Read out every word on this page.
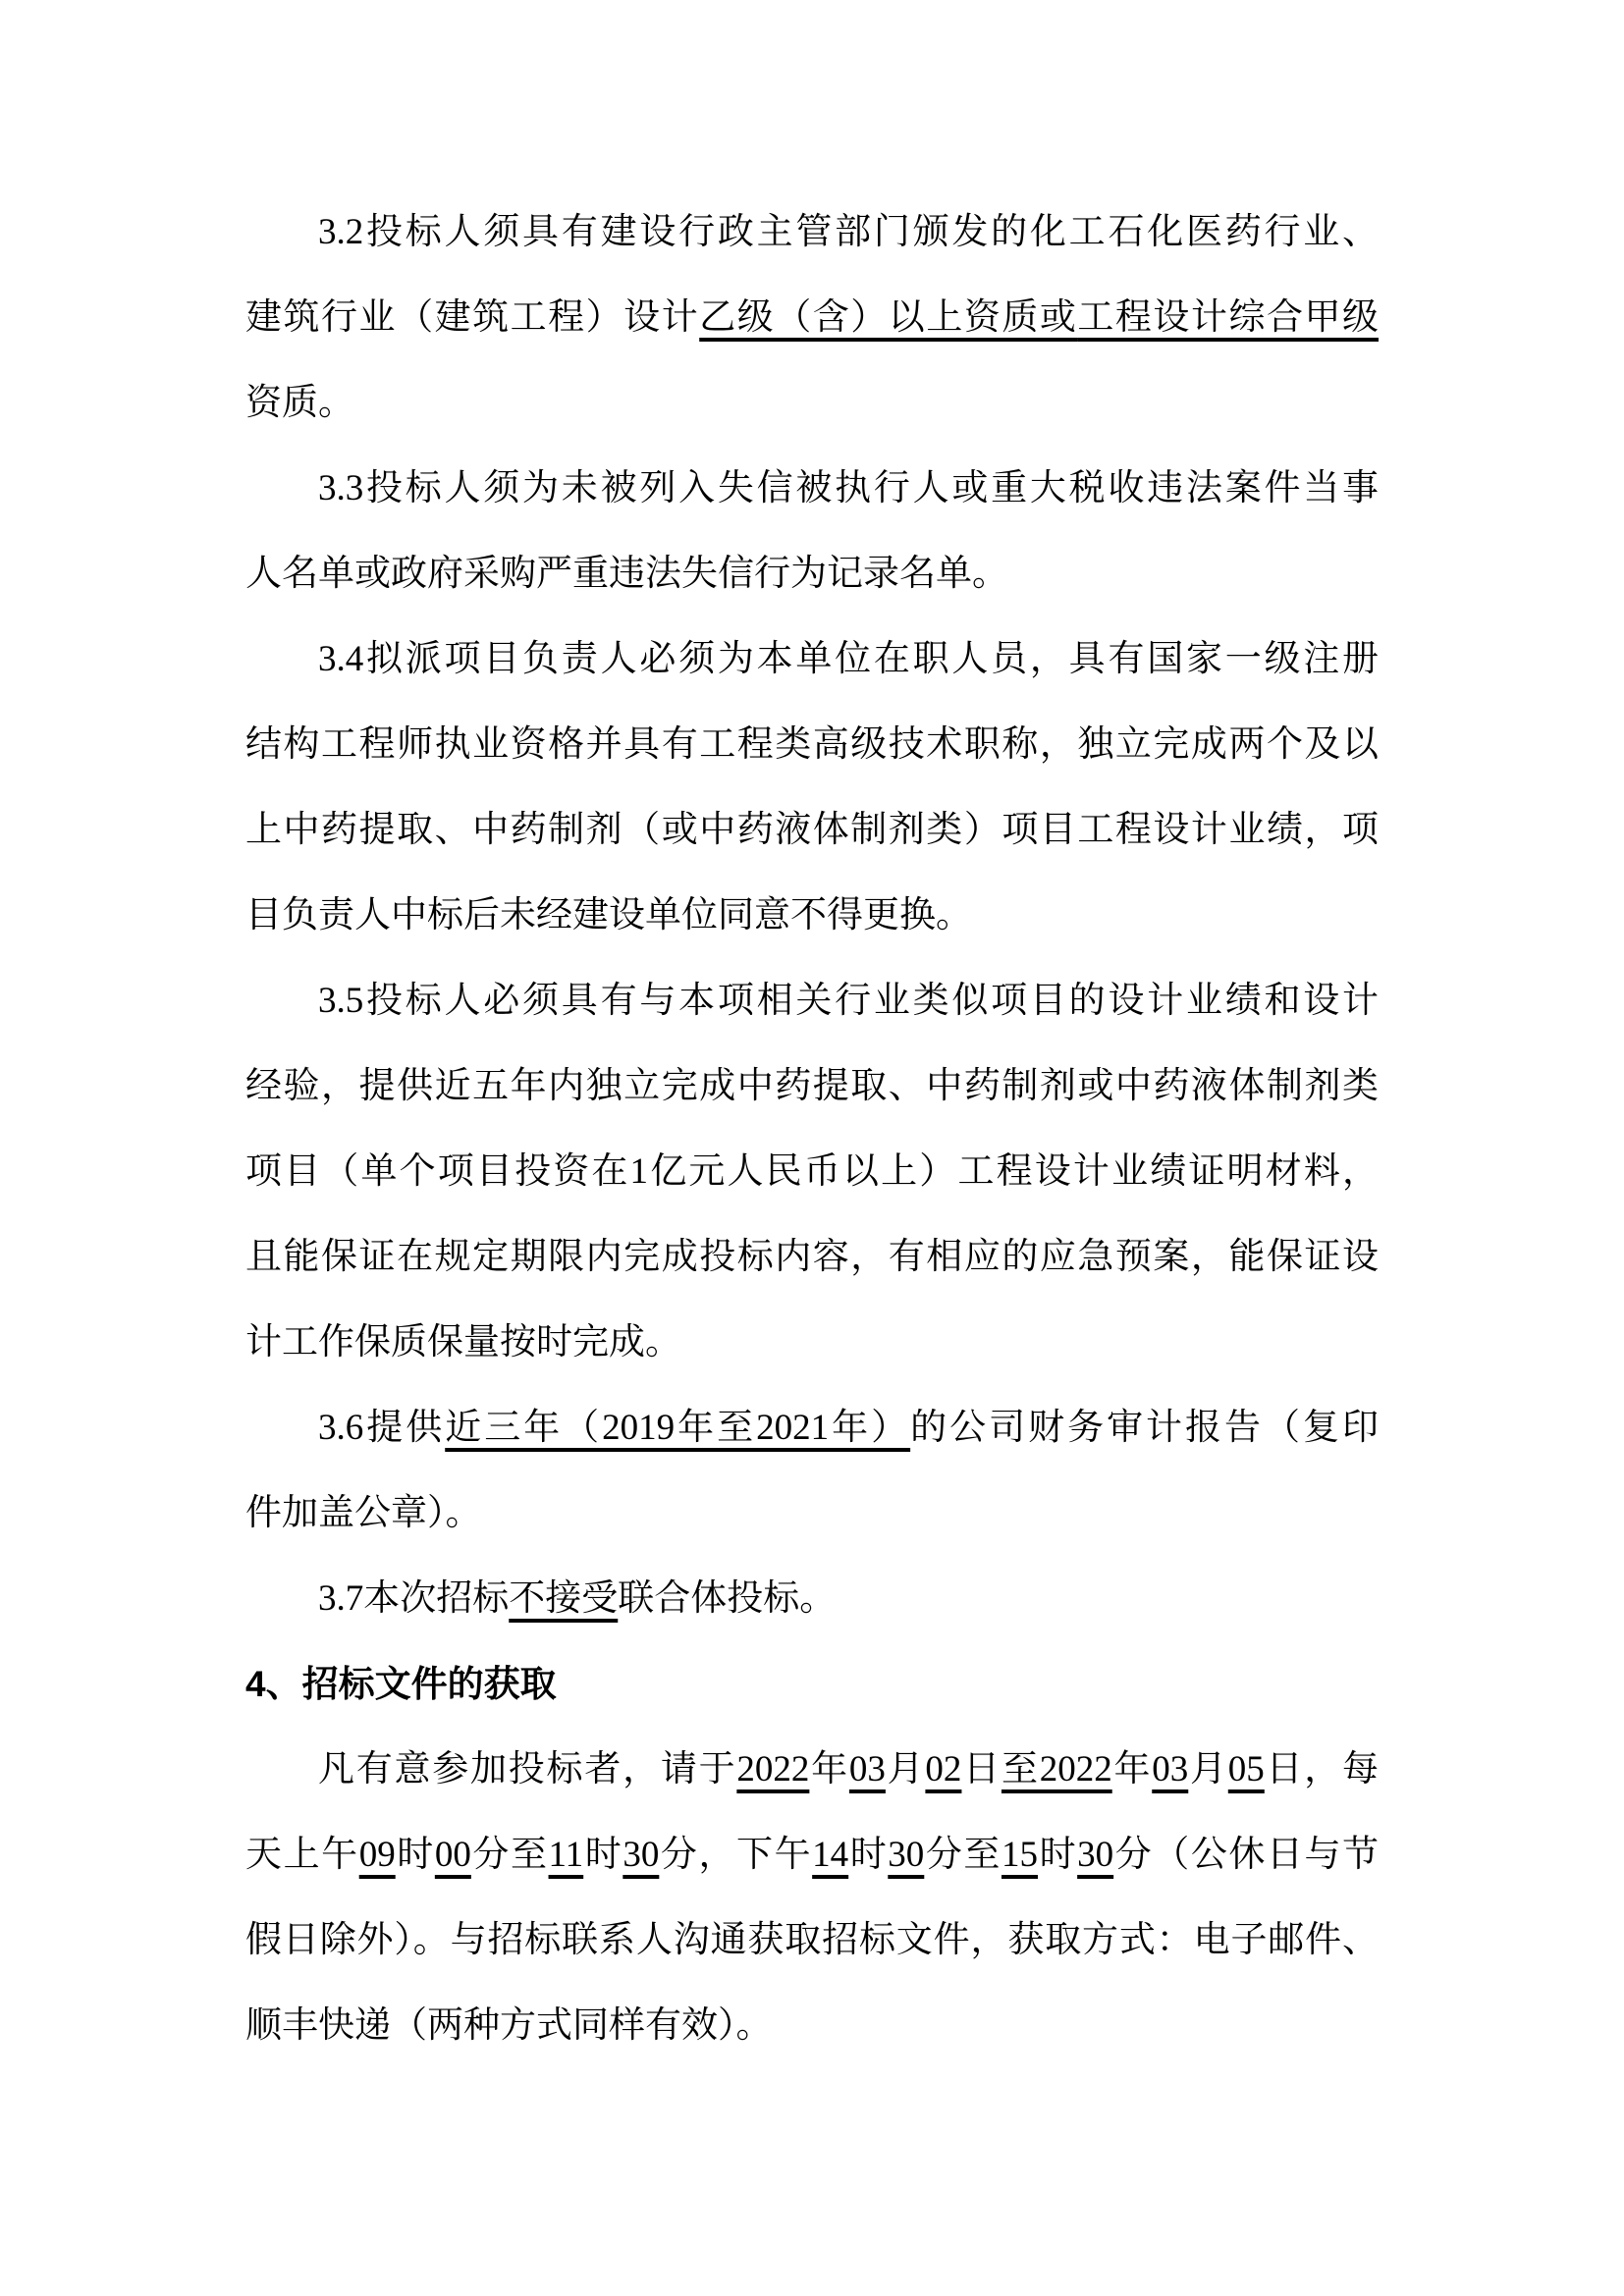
3.2投标人须具有建设行政主管部门颁发的化工石化医药行业、
建筑行业（建筑工程）设计乙级（含）以上资质或工程设计综合甲级
资质。
3.3投标人须为未被列入失信被执行人或重大税收违法案件当事
人名单或政府采购严重违法失信行为记录名单。
3.4拟派项目负责人必须为本单位在职人员，具有国家一级注册
结构工程师执业资格并具有工程类高级技术职称，独立完成两个及以
上中药提取、中药制剂（或中药液体制剂类）项目工程设计业绩，项
目负责人中标后未经建设单位同意不得更换。
3.5投标人必须具有与本项相关行业类似项目的设计业绩和设计
经验，提供近五年内独立完成中药提取、中药制剂或中药液体制剂类
项目（单个项目投资在1亿元人民币以上）工程设计业绩证明材料，
且能保证在规定期限内完成投标内容，有相应的应急预案，能保证设
计工作保质保量按时完成。
3.6提供近三年（2019年至2021年）的公司财务审计报告（复印
件加盖公章）。
3.7本次招标不接受联合体投标。
4、招标文件的获取
凡有意参加投标者，请于2022年03月02日至2022年03月05日，每
天上午09时00分至11时30分，下午14时30分至15时30分（公休日与节
假日除外）。与招标联系人沟通获取招标文件，获取方式：电子邮件、
顺丰快递（两种方式同样有效）。
